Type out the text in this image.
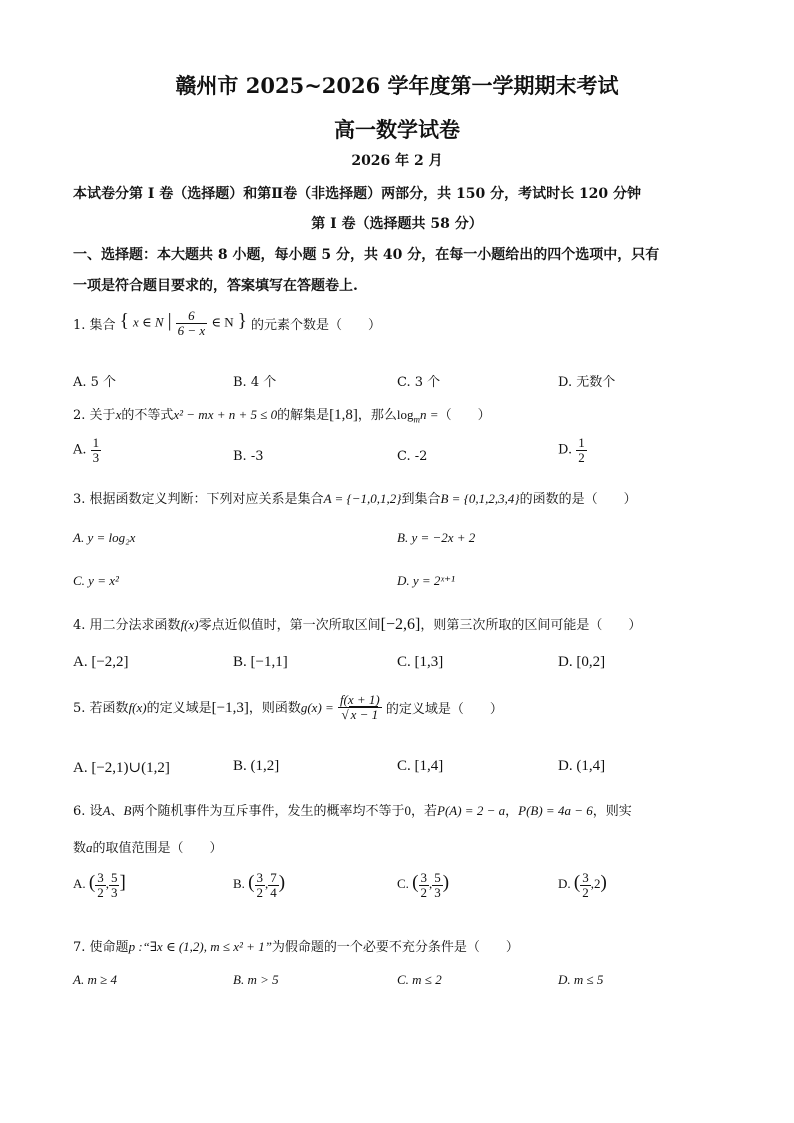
赣州市 2025~2026 学年度第一学期期末考试
高一数学试卷
2026 年 2 月
本试卷分第 I 卷（选择题）和第Ⅱ卷（非选择题）两部分，共 150 分，考试时长 120 分钟
第 I 卷（选择题共 58 分）
一、选择题：本大题共 8 小题，每小题 5 分，共 40 分，在每一小题给出的四个选项中，只有
一项是符合题目要求的，答案填写在答题卷上.
1. 集合 { x ∈ N | $\frac{6}{6 - x}$ ∈ N } 的元素个数是（　　）
A. 5 个	B. 4 个	C. 3 个	D. 无数个
2. 关于x的不等式x² − mx + n + 5 ≤ 0的解集是[1,8]，那么$\log_mn$ =（　　）
A. $\frac{1}{3}$	B. -3	C. -2	D. $\frac{1}{2}$
3. 根据函数定义判断：下列对应关系是集合A = {−1,0,1,2}到集合B = {0,1,2,3,4}的函数的是（　　）
A. y = log₂x	B. y = −2x + 2
C. y = x²	D. y = 2ˣ⁺¹
4. 用二分法求函数f(x)零点近似值时，第一次所取区间[−2,6]，则第三次所取的区间可能是（　　）
A. [−2,2]	B. [−1,1]	C. [1,3]	D. [0,2]
5. 若函数f(x)的定义域是[−1,3]，则函数$g(x) = \frac{f(x + 1)}{√ x - 1}$ 的定义域是（　　）
A. [−2,1)∪(1,2]	B. (1,2]	C. [1,4]	D. (1,4]
6. 设A、B两个随机事件为互斥事件，发生的概率均不等于0，若P(A) = 2 − a，P(B) = 4a − 6，则实
数a的取值范围是（　　）
A. ( $\frac{3}{2}$ , $\frac{5}{3}$ ]	B. ( $\frac{3}{2}$ , $\frac{7}{4}$ )	C. ( $\frac{3}{2}$ , $\frac{5}{3}$ )	D. ( $\frac{3}{2} ,2$)
7. 使命题p :“∃x ∈ (1,2), m ≤ x² + 1”为假命题的一个必要不充分条件是（　　）
A. m ≥ 4	B. m > 5	C. m ≤ 2	D. m ≤ 5
